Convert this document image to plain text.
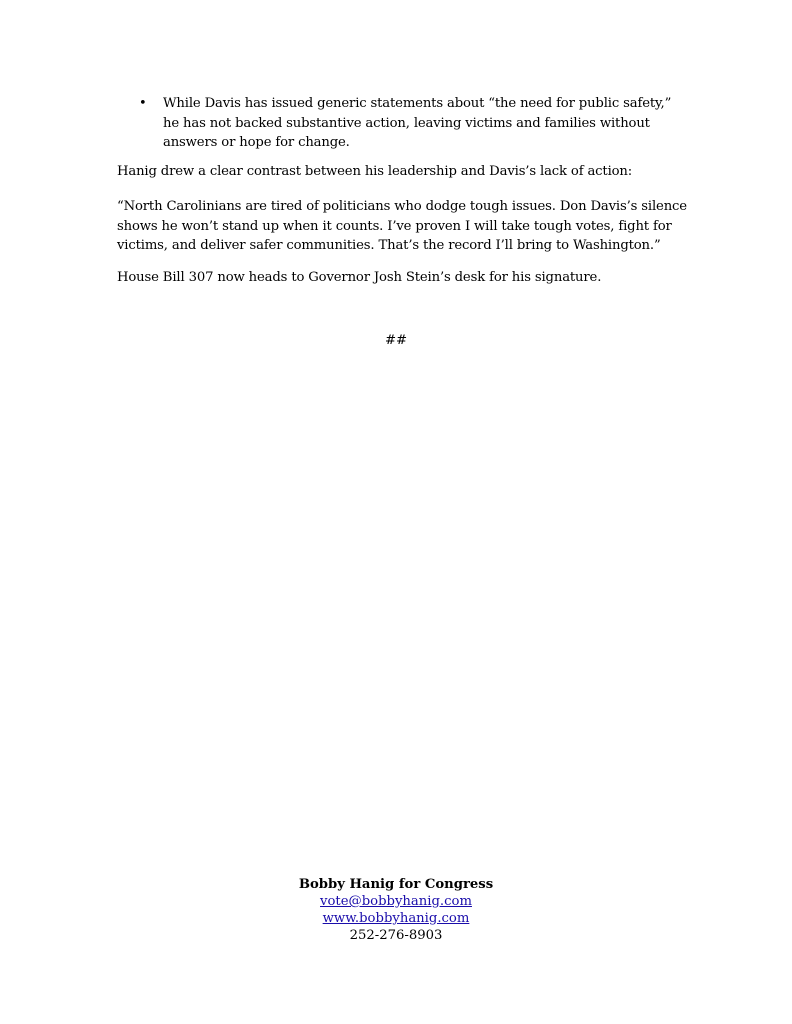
• While Davis has issued generic statements about “the need for public safety,” he has not backed substantive action, leaving victims and families without answers or hope for change.

Hanig drew a clear contrast between his leadership and Davis’s lack of action:

“North Carolinians are tired of politicians who dodge tough issues. Don Davis’s silence shows he won’t stand up when it counts. I’ve proven I will take tough votes, fight for victims, and deliver safer communities. That’s the record I’ll bring to Washington.”

House Bill 307 now heads to Governor Josh Stein’s desk for his signature.

##
Bobby Hanig for Congress
vote@bobbyhanig.com
www.bobbyhanig.com
252-276-8903
